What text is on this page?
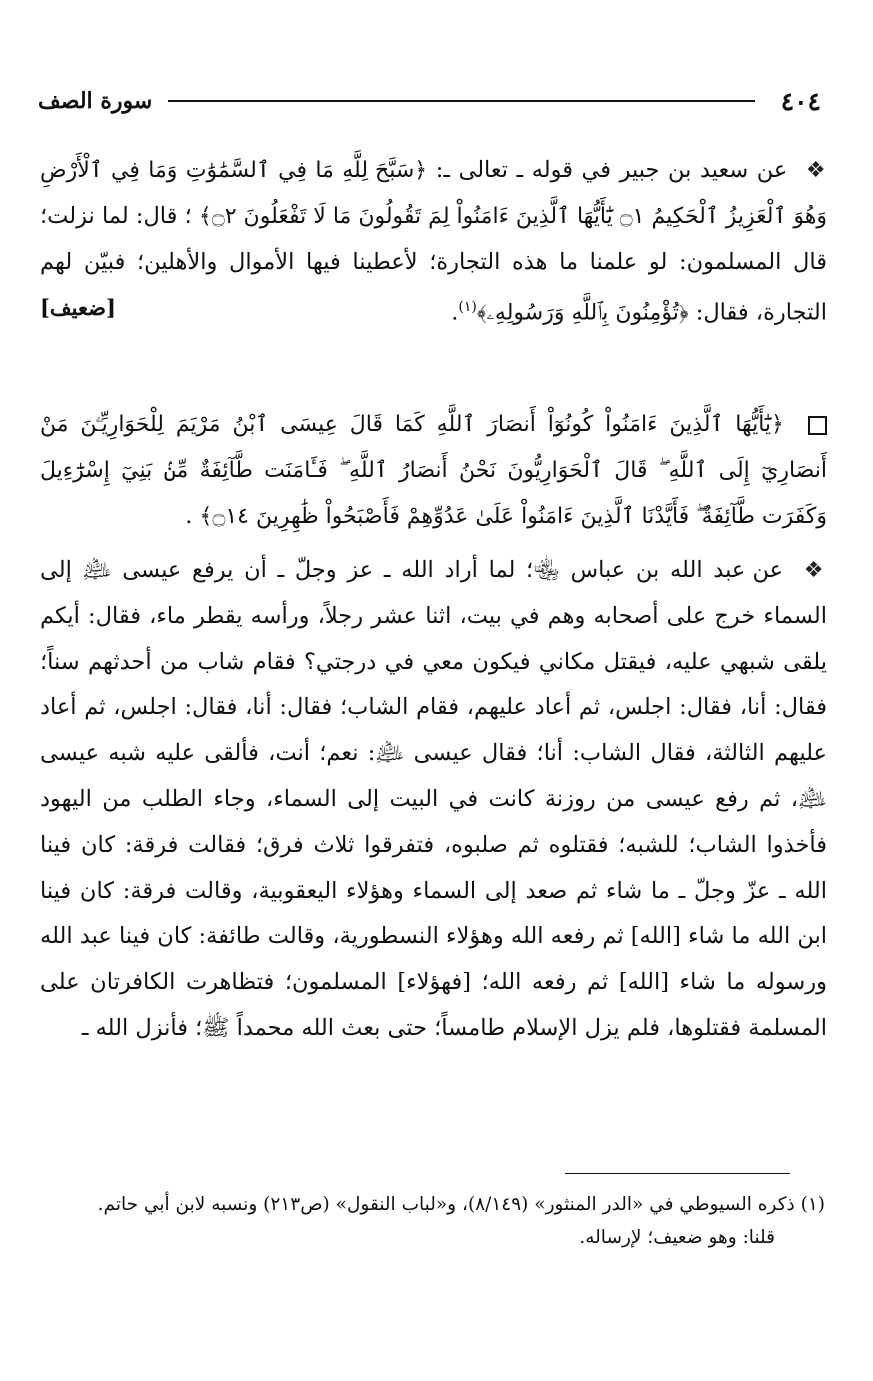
٤٠٤
سورة الصف
❖ عن سعيد بن جبير في قوله ـ تعالى ـ: ﴿سَبَّحَ لِلَّهِ مَا فِي ٱلسَّمَٰوَٰتِ وَمَا فِي ٱلْأَرْضِ وَهُوَ ٱلْعَزِيزُ ٱلْحَكِيمُ ۝١ يَٰٓأَيُّهَا ٱلَّذِينَ ءَامَنُواْ لِمَ تَقُولُونَ مَا لَا تَفْعَلُونَ ۝٢﴾ ؛ قال: لما نزلت؛ قال المسلمون: لو علمنا ما هذه التجارة؛ لأعطينا فيها الأموال والأهلين؛ فبيّن لهم التجارة، فقال: ﴿تُؤْمِنُونَ بِٱللَّهِ وَرَسُولِهِۦ﴾$^{(١)}$.
[ضعيف]
﴿يَٰٓأَيُّهَا ٱلَّذِينَ ءَامَنُواْ كُونُوٓاْ أَنصَارَ ٱللَّهِ كَمَا قَالَ عِيسَى ٱبْنُ مَرْيَمَ لِلْحَوَارِيِّـۧنَ مَنْ أَنصَارِيٓ إِلَى ٱللَّهِ ۖ قَالَ ٱلْحَوَارِيُّونَ نَحْنُ أَنصَارُ ٱللَّهِ ۖ فَـَٔامَنَت طَّآئِفَةٌ مِّنۢ بَنِيٓ إِسْرَٰٓءِيلَ وَكَفَرَت طَّآئِفَةٌ ۖ فَأَيَّدْنَا ٱلَّذِينَ ءَامَنُواْ عَلَىٰ عَدُوِّهِمْ فَأَصْبَحُواْ ظَٰهِرِينَ ۝١٤﴾ .
❖ عن عبد الله بن عباس ﵄؛ لما أراد الله ـ عز وجلّ ـ أن يرفع عيسى ﵇ إلى السماء خرج على أصحابه وهم في بيت، اثنا عشر رجلاً، ورأسه يقطر ماء، فقال: أيكم يلقى شبهي عليه، فيقتل مكاني فيكون معي في درجتي؟ فقام شاب من أحدثهم سناً؛ فقال: أنا، فقال: اجلس، ثم أعاد عليهم، فقام الشاب؛ فقال: أنا، فقال: اجلس، ثم أعاد عليهم الثالثة، فقال الشاب: أنا؛ فقال عيسى ﵇: نعم؛ أنت، فألقى عليه شبه عيسى ﵇، ثم رفع عيسى من روزنة كانت في البيت إلى السماء، وجاء الطلب من اليهود فأخذوا الشاب؛ للشبه؛ فقتلوه ثم صلبوه، فتفرقوا ثلاث فرق؛ فقالت فرقة: كان فينا الله ـ عزّ وجلّ ـ ما شاء ثم صعد إلى السماء وهؤلاء اليعقوبية، وقالت فرقة: كان فينا ابن الله ما شاء [الله] ثم رفعه الله وهؤلاء النسطورية، وقالت طائفة: كان فينا عبد الله ورسوله ما شاء [الله] ثم رفعه الله؛ [فهؤلاء] المسلمون؛ فتظاهرت الكافرتان على المسلمة فقتلوها، فلم يزل الإسلام طامساً؛ حتى بعث الله محمداً ﷺ؛ فأنزل الله ـ

(١) ذكره السيوطي في «الدر المنثور» (٨/١٤٩)، و«لباب النقول» (ص٢١٣) ونسبه لابن أبي حاتم.

قلنا: وهو ضعيف؛ لإرساله.
